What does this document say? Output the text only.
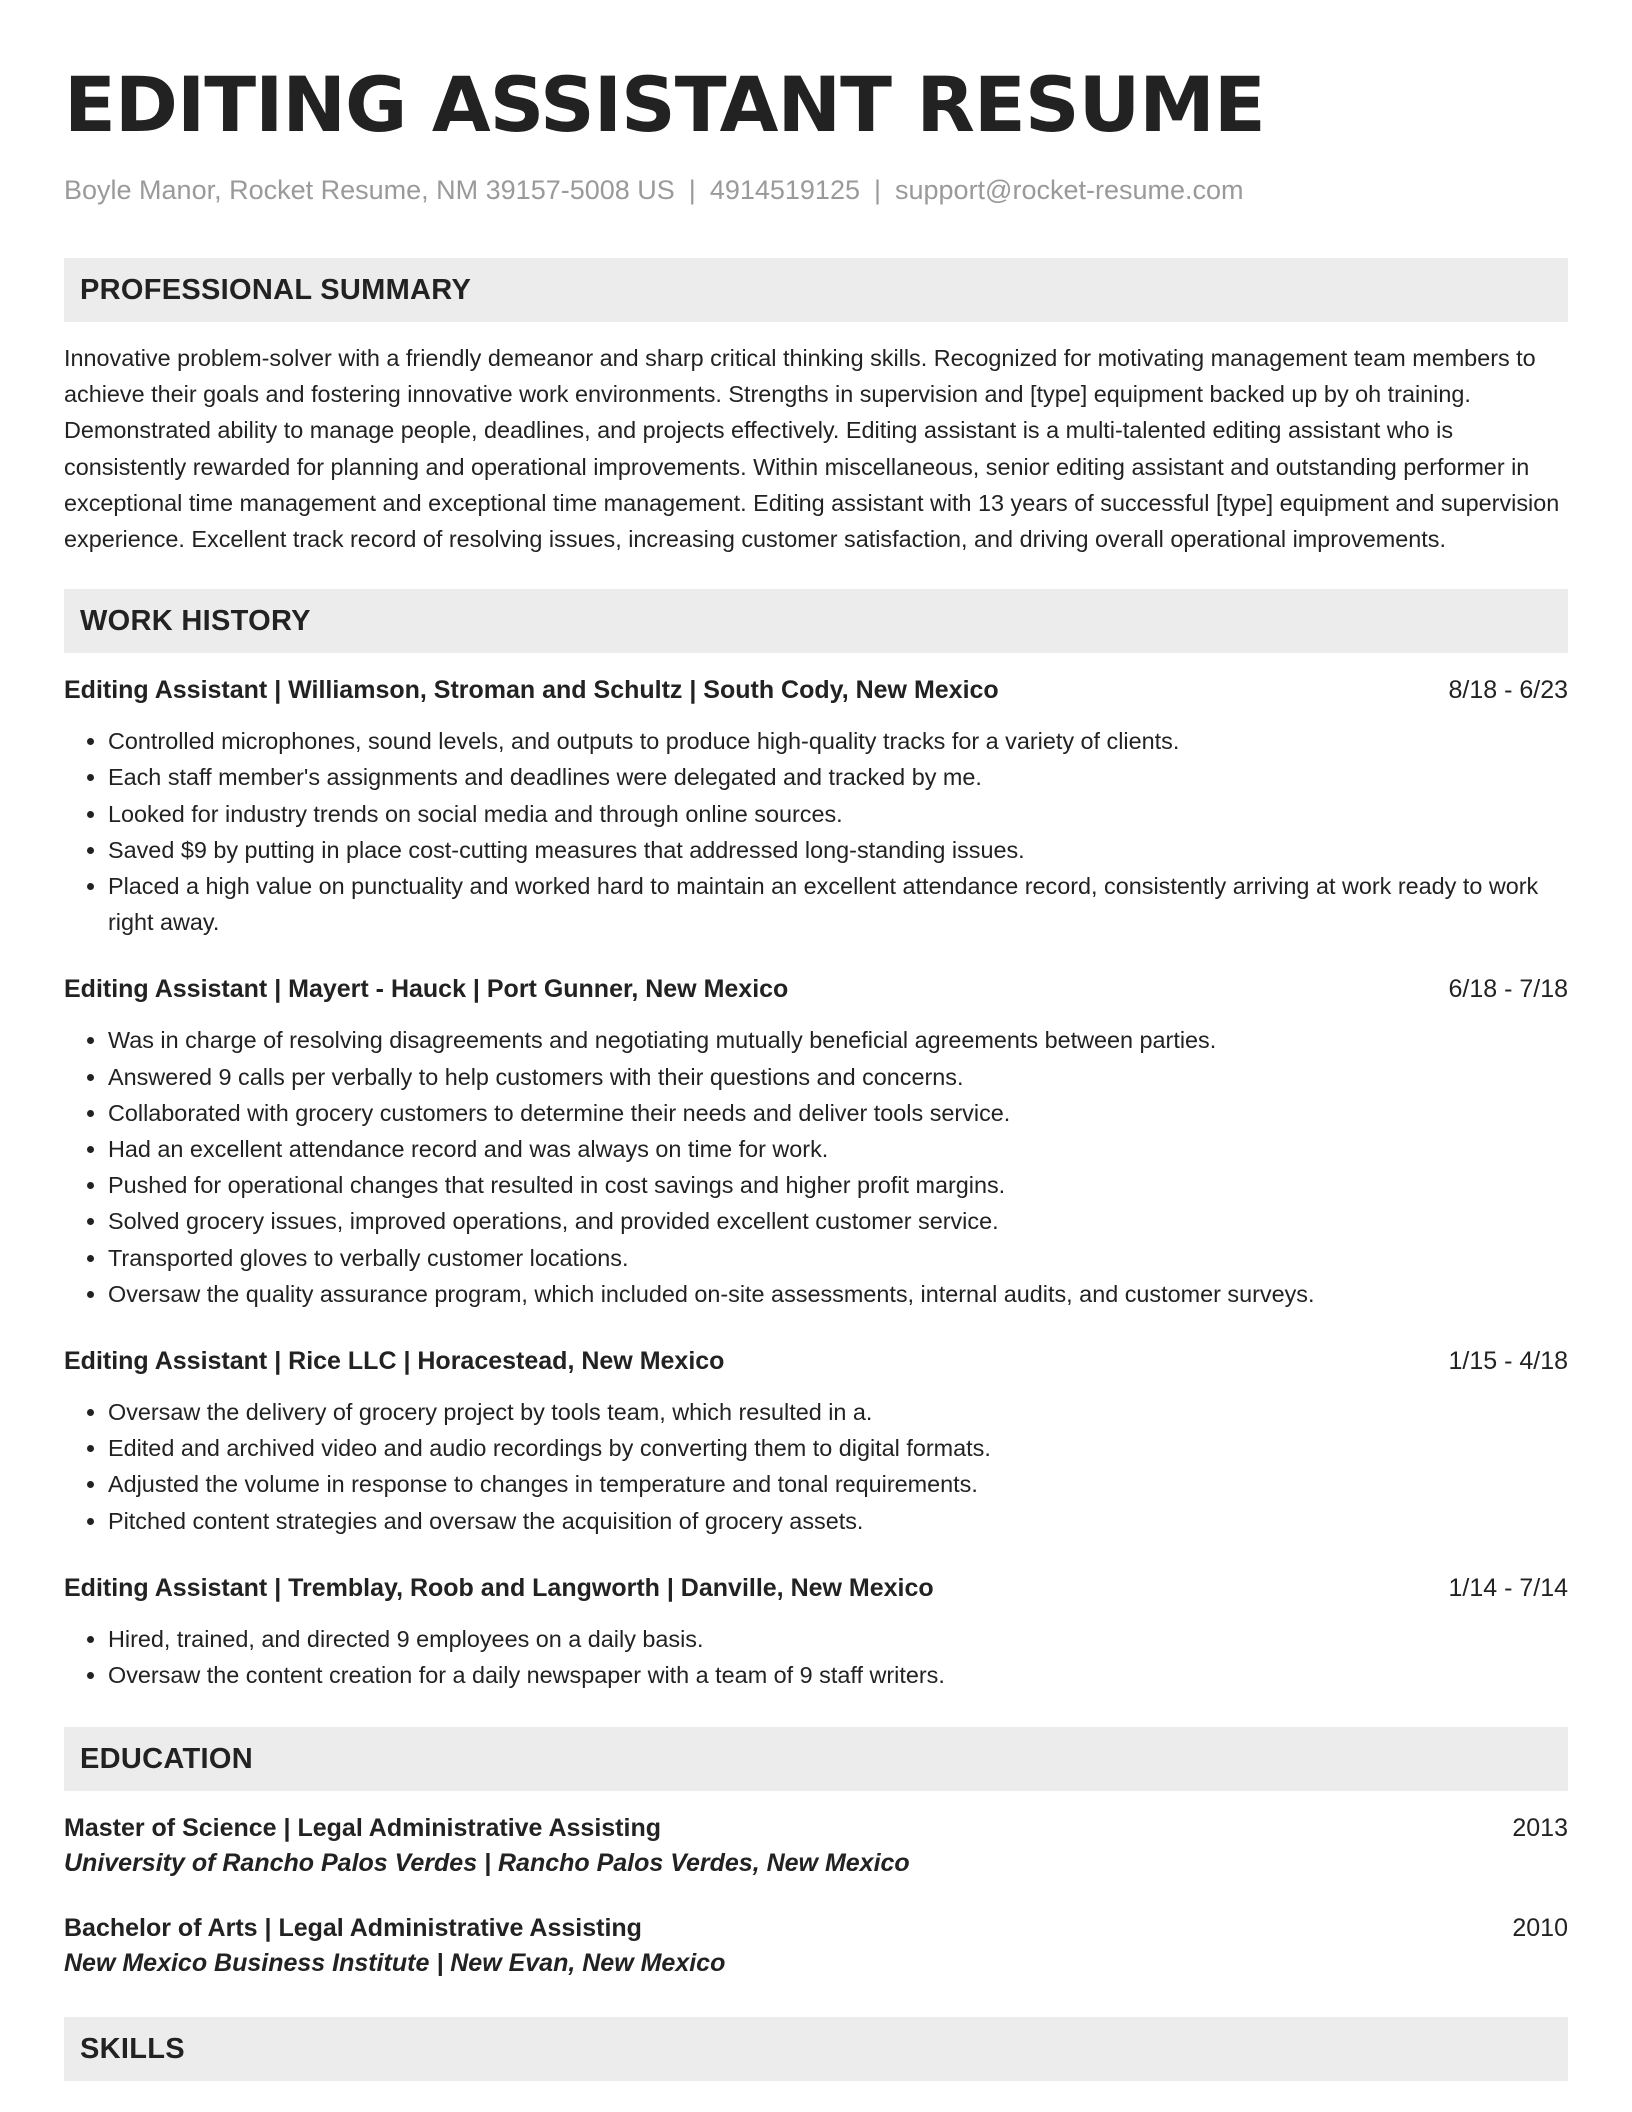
EDITING ASSISTANT RESUME
Boyle Manor, Rocket Resume, NM 39157-5008 US | 4914519125 | support@rocket-resume.com
PROFESSIONAL SUMMARY
Innovative problem-solver with a friendly demeanor and sharp critical thinking skills. Recognized for motivating management team members to achieve their goals and fostering innovative work environments. Strengths in supervision and [type] equipment backed up by oh training. Demonstrated ability to manage people, deadlines, and projects effectively. Editing assistant is a multi-talented editing assistant who is consistently rewarded for planning and operational improvements. Within miscellaneous, senior editing assistant and outstanding performer in exceptional time management and exceptional time management. Editing assistant with 13 years of successful [type] equipment and supervision experience. Excellent track record of resolving issues, increasing customer satisfaction, and driving overall operational improvements.
WORK HISTORY
Editing Assistant | Williamson, Stroman and Schultz | South Cody, New Mexico	8/18 - 6/23
• Controlled microphones, sound levels, and outputs to produce high-quality tracks for a variety of clients.
• Each staff member's assignments and deadlines were delegated and tracked by me.
• Looked for industry trends on social media and through online sources.
• Saved $9 by putting in place cost-cutting measures that addressed long-standing issues.
• Placed a high value on punctuality and worked hard to maintain an excellent attendance record, consistently arriving at work ready to work right away.
Editing Assistant | Mayert - Hauck | Port Gunner, New Mexico	6/18 - 7/18
• Was in charge of resolving disagreements and negotiating mutually beneficial agreements between parties.
• Answered 9 calls per verbally to help customers with their questions and concerns.
• Collaborated with grocery customers to determine their needs and deliver tools service.
• Had an excellent attendance record and was always on time for work.
• Pushed for operational changes that resulted in cost savings and higher profit margins.
• Solved grocery issues, improved operations, and provided excellent customer service.
• Transported gloves to verbally customer locations.
• Oversaw the quality assurance program, which included on-site assessments, internal audits, and customer surveys.
Editing Assistant | Rice LLC | Horacestead, New Mexico	1/15 - 4/18
• Oversaw the delivery of grocery project by tools team, which resulted in a.
• Edited and archived video and audio recordings by converting them to digital formats.
• Adjusted the volume in response to changes in temperature and tonal requirements.
• Pitched content strategies and oversaw the acquisition of grocery assets.
Editing Assistant | Tremblay, Roob and Langworth | Danville, New Mexico	1/14 - 7/14
• Hired, trained, and directed 9 employees on a daily basis.
• Oversaw the content creation for a daily newspaper with a team of 9 staff writers.
EDUCATION
Master of Science | Legal Administrative Assisting	2013
University of Rancho Palos Verdes | Rancho Palos Verdes, New Mexico
Bachelor of Arts | Legal Administrative Assisting	2010
New Mexico Business Institute | New Evan, New Mexico
SKILLS
